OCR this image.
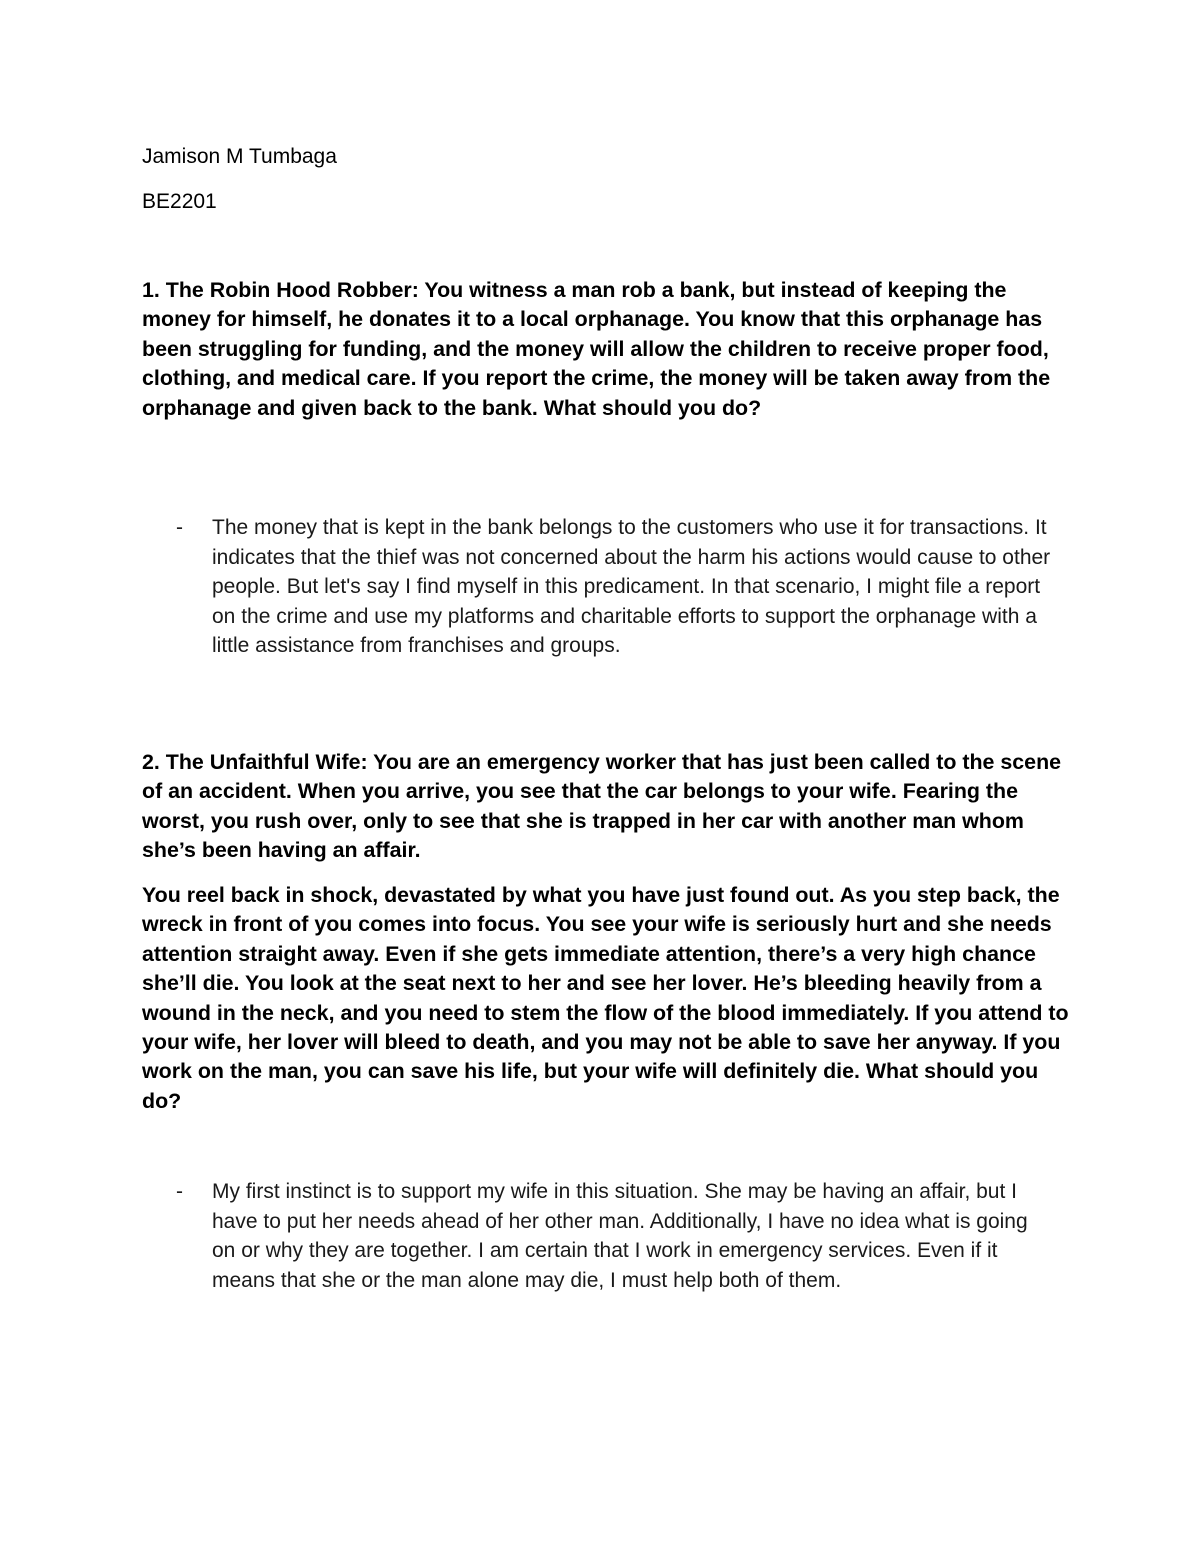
Jamison M Tumbaga
BE2201

1. The Robin Hood Robber: You witness a man rob a bank, but instead of keeping the money for himself, he donates it to a local orphanage. You know that this orphanage has been struggling for funding, and the money will allow the children to receive proper food, clothing, and medical care. If you report the crime, the money will be taken away from the orphanage and given back to the bank. What should you do?

-	The money that is kept in the bank belongs to the customers who use it for transactions. It indicates that the thief was not concerned about the harm his actions would cause to other people. But let's say I find myself in this predicament. In that scenario, I might file a report on the crime and use my platforms and charitable efforts to support the orphanage with a little assistance from franchises and groups.

2. The Unfaithful Wife: You are an emergency worker that has just been called to the scene of an accident. When you arrive, you see that the car belongs to your wife. Fearing the worst, you rush over, only to see that she is trapped in her car with another man whom she’s been having an affair.

You reel back in shock, devastated by what you have just found out. As you step back, the wreck in front of you comes into focus. You see your wife is seriously hurt and she needs attention straight away. Even if she gets immediate attention, there’s a very high chance she’ll die. You look at the seat next to her and see her lover. He’s bleeding heavily from a wound in the neck, and you need to stem the flow of the blood immediately. If you attend to your wife, her lover will bleed to death, and you may not be able to save her anyway. If you work on the man, you can save his life, but your wife will definitely die. What should you do?

-	My first instinct is to support my wife in this situation. She may be having an affair, but I have to put her needs ahead of her other man. Additionally, I have no idea what is going on or why they are together. I am certain that I work in emergency services. Even if it means that she or the man alone may die, I must help both of them.
